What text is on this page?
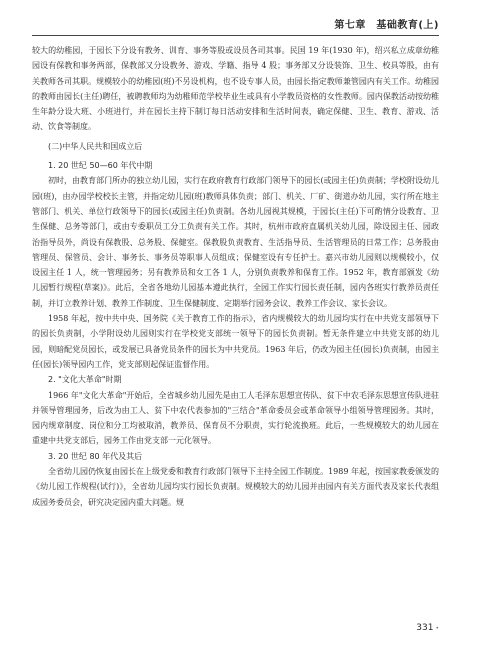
第七章　基础教育(上)

较大的幼稚园，于园长下分设有教务、训育、事务等股或设员各司其事。民国 19 年(1930 年)，绍兴私立成章幼稚园设有保教和事务两部，保教部又分设教务、游戏、学籍、指导 4 股；事务部又分设装饰、卫生、校具等股，由有关教师各司其职。规模较小的幼稚园(班)不另设机构，也不设专事人员，由园长指定教师兼管园内有关工作。幼稚园的教师由园长(主任)聘任，被聘教师均为幼稚师范学校毕业生或具有小学教员资格的女性教师。园内保教活动按幼稚生年龄分设大班、小班进行，并在园长主持下制订每日活动安排和生活时间表，确定保健、卫生、教育、游戏、活动、饮食等制度。

(二)中华人民共和国成立后

1. 20 世纪 50—60 年代中期

初时，由教育部门所办的独立幼儿园，实行在政府教育行政部门领导下的园长(或园主任)负责制；学校附设幼儿园(班)，由办园学校校长主管，并指定幼儿园(班)教师具体负责；部门、机关、厂矿、街道办幼儿园，实行所在地主管部门、机关、单位行政领导下的园长(或园主任)负责制。各幼儿园视其规模，于园长(主任)下可酌情分设教育、卫生保健、总务等部门，或由专委职员工分工负责有关工作。其时，杭州市政府直属机关幼儿园，除设园主任、园政治指导员外，尚设有保教股、总务股、保健室。保教股负责教育、生活指导员、生活管理员的日常工作；总务股由管理员、保管员、会计、事务长、事务员等职事人员组成；保健室设有专任护士。嘉兴市幼儿园则以规模较小，仅设园主任 1 人，统一管理园务；另有教养员和女工各 1 人，分别负责教养和保育工作。1952 年，教育部颁发《幼儿园暂行规程(草案)》。此后，全省各地幼儿园基本遵此执行，全园工作实行园长责任制，园内各班实行教养员责任制，并订立教养计划、教养工作制度、卫生保健制度、定期举行园务会议、教养工作会议、家长会议。

1958 年起，按中共中央、国务院《关于教育工作的指示》，省内规模较大的幼儿园均实行在中共党支部领导下的园长负责制，小学附设幼儿园则实行在学校党支部统一领导下的园长负责制。暂无条件建立中共党支部的幼儿园，则暗配党员园长，或发展已具备党员条件的园长为中共党员。1963 年后，仍改为园主任(园长)负责制，由园主任(园长)领导园内工作，党支部则起保证监督作用。

2. "文化大革命"时期

1966 年"文化大革命"开始后，全省城乡幼儿园先是由工人毛泽东思想宣传队、贫下中农毛泽东思想宣传队进驻并领导管理园务，后改为由工人、贫下中农代表参加的"三结合"革命委员会或革命领导小组领导管理园务。其时，园内规章制度、岗位和分工均被取消，教养员、保育员不分职责，实行轮流换班。此后，一些规模较大的幼儿园在重建中共党支部后，园务工作由党支部一元化领导。

3. 20 世纪 80 年代及其后

全省幼儿园仍恢复由园长在上级党委和教育行政部门领导下主持全园工作制度。1989 年起，按国家教委颁发的《幼儿园工作规程(试行)》，全省幼儿园均实行园长负责制。规模较大的幼儿园并由园内有关方面代表及家长代表组成园务委员会，研究决定园内重大问题。规

331 •
